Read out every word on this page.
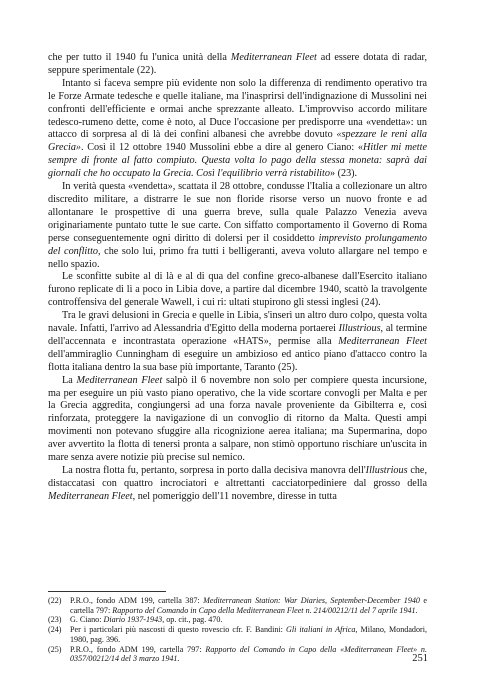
che per tutto il 1940 fu l'unica unità della Mediterranean Fleet ad essere dotata di radar, seppure sperimentale (22).

Intanto si faceva sempre più evidente non solo la differenza di rendimento operativo tra le Forze Armate tedesche e quelle italiane, ma l'inasprirsi dell'indignazione di Mussolini nei confronti dell'efficiente e ormai anche sprezzante alleato. L'improvviso accordo militare tedesco-rumeno dette, come è noto, al Duce l'occasione per predisporre una «vendetta»: un attacco di sorpresa al di là dei confini albanesi che avrebbe dovuto «spezzare le reni alla Grecia». Così il 12 ottobre 1940 Mussolini ebbe a dire al genero Ciano: «Hitler mi mette sempre di fronte al fatto compiuto. Questa volta lo pago della stessa moneta: saprà dai giornali che ho occupato la Grecia. Così l'equilibrio verrà ristabilito» (23).

In verità questa «vendetta», scattata il 28 ottobre, condusse l'Italia a collezionare un altro discredito militare, a distrarre le sue non floride risorse verso un nuovo fronte e ad allontanare le prospettive di una guerra breve, sulla quale Palazzo Venezia aveva originariamente puntato tutte le sue carte. Con siffatto comportamento il Governo di Roma perse conseguentemente ogni diritto di dolersi per il cosiddetto imprevisto prolungamento del conflitto, che solo lui, primo fra tutti i belligeranti, aveva voluto allargare nel tempo e nello spazio.

Le sconfitte subite al di là e al di qua del confine greco-albanese dall'Esercito italiano furono replicate di lì a poco in Libia dove, a partire dal dicembre 1940, scattò la travolgente controffensiva del generale Wawell, i cui ri: ultati stupirono gli stessi inglesi (24).

Tra le gravi delusioni in Grecia e quelle in Libia, s'inserì un altro duro colpo, questa volta navale. Infatti, l'arrivo ad Alessandria d'Egitto della moderna portaerei Illustrious, al termine dell'accennata e incontrastata operazione «HATS», permise alla Mediterranean Fleet dell'ammiraglio Cunningham di eseguire un ambizioso ed antico piano d'attacco contro la flotta italiana dentro la sua base più importante, Taranto (25).

La Mediterranean Fleet salpò il 6 novembre non solo per compiere questa incursione, ma per eseguire un più vasto piano operativo, che la vide scortare convogli per Malta e per la Grecia aggredita, congiungersi ad una forza navale proveniente da Gibilterra e, così rinforzata, proteggere la navigazione di un convoglio di ritorno da Malta. Questi ampi movimenti non potevano sfuggire alla ricognizione aerea italiana; ma Supermarina, dopo aver avvertito la flotta di tenersi pronta a salpare, non stimò opportuno rischiare un'uscita in mare senza avere notizie più precise sul nemico.

La nostra flotta fu, pertanto, sorpresa in porto dalla decisiva manovra dell'Illustrious che, distaccatasi con quattro incrociatori e altrettanti cacciatorpediniere dal grosso della Mediterranean Fleet, nel pomeriggio dell'11 novembre, diresse in tutta

(22)	P.R.O., fondo ADM 199, cartella 387: Mediterranean Station: War Diaries, September-December 1940 e cartella 797: Rapporto del Comando in Capo della Mediterranean Fleet n. 214/00212/11 del 7 aprile 1941.
(23)	G. Ciano: Diario 1937-1943, op. cit., pag. 470.
(24)	Per i particolari più nascosti di questo rovescio cfr. F. Bandini: Gli italiani in Africa, Milano, Mondadori, 1980, pag. 396.
(25)	P.R.O., fondo ADM 199, cartella 797: Rapporto del Comando in Capo della «Mediterranean Fleet» n. 0357/00212/14 del 3 marzo 1941.	251
